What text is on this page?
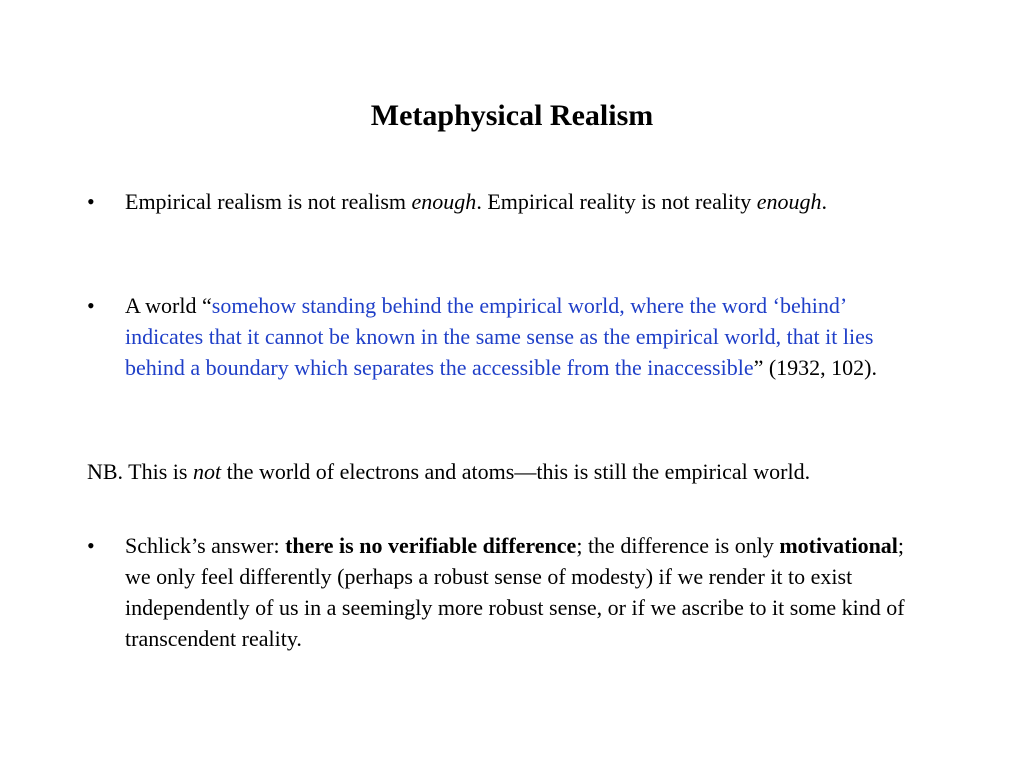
Metaphysical Realism
•	Empirical realism is not realism enough. Empirical reality is not reality enough.
•	A world “somehow standing behind the empirical world, where the word ‘behind’ indicates that it cannot be known in the same sense as the empirical world, that it lies behind a boundary which separates the accessible from the inaccessible” (1932, 102).
NB. This is not the world of electrons and atoms—this is still the empirical world.
•	Schlick’s answer: there is no verifiable difference; the difference is only motivational; we only feel differently (perhaps a robust sense of modesty) if we render it to exist independently of us in a seemingly more robust sense, or if we ascribe to it some kind of transcendent reality.
